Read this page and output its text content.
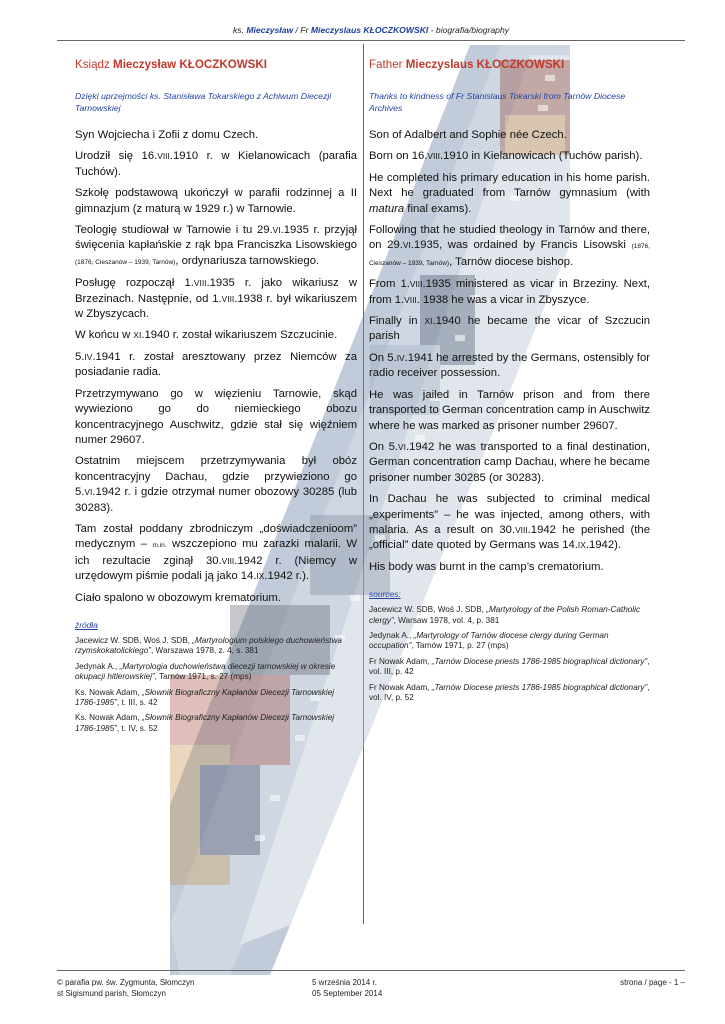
ks. Mieczysław / Fr Mieczyslaus KŁOCZKOWSKI - biografia/biography
Ksiądz Mieczysław KŁOCZKOWSKI
Dzięki uprzejmości ks. Stanisława Tokarskiego z Achiwum Diecezji Tarnowskiej

Syn Wojciecha i Zofii z domu Czech.

Urodził się 16.VIII.1910 r. w Kielanowicach (parafia Tuchów).

Szkołę podstawową ukończył w parafii rodzinnej a II gimnazjum (z maturą w 1929 r.) w Tarnowie.

Teologię studiował w Tarnowie i tu 29.VI.1935 r. przyjął święcenia kapłańskie z rąk bpa Franciszka Lisowskiego (1876, Cieszanów – 1939, Tarnów), ordynariusza tarnowskiego.

Posługę rozpoczął 1.VIII.1935 r. jako wikariusz w Brzezinach. Następnie, od 1.VIII.1938 r. był wikariuszem w Zbyszycach.

W końcu w XI.1940 r. został wikariuszem Szczucinie.

5.IV.1941 r. został aresztowany przez Niemców za posiadanie radia.

Przetrzymywano go w więzieniu Tarnowie, skąd wywieziono go do niemieckiego obozu koncentracyjnego Auschwitz, gdzie stał się więźniem numer 29607.

Ostatnim miejscem przetrzymywania był obóz koncentracyjny Dachau, gdzie przywieziono go 5.VI.1942 r. i gdzie otrzymał numer obozowy 30285 (lub 30283).

Tam został poddany zbrodniczym „doświadczenioom” medycznym – m.in. wszczepiono mu zarazki malarii. W ich rezultacie zginął 30.VIII.1942 r. (Niemcy w urzędowym piśmie podali ją jako 14.IX.1942 r.).

Ciało spalono w obozowym krematorium.

źródła

Jacewicz W. SDB, Woś J. SDB, „Martyrologium polskiego duchowieństwa rzymskokatolickiego”, Warszawa 1978, z. 4, s. 381

Jedynak A., „Martyrologia duchowieństwa diecezji tarnowskiej w okresie okupacji hitlerowskiej”, Tarnów 1971, s. 27 (mps)

Ks. Nowak Adam, „Słownik Biograficzny Kapłanów Diecezji Tarnowskiej 1786-1985”, t. III, s. 42

Ks. Nowak Adam, „Słownik Biograficzny Kapłanów Diecezji Tarnowskiej 1786-1985”, t. IV, s. 52

Father Mieczyslaus KŁOCZKOWSKI
Thanks to kindness of Fr Stanislaus Tokarski from Tarnów Diocese Archives

Son of Adalbert and Sophie née Czech.

Born on 16.VIII.1910 in Kielanowicach (Tuchów parish).

He completed his primary education in his home parish. Next he graduated from Tarnów gymnasium (with matura final exams).

Following that he studied theology in Tarnów and there, on 29.VI.1935, was ordained by Francis Lisowski (1876, Cieszanów – 1939, Tarnów), Tarnów diocese bishop.

From 1.VIII.1935 ministered as vicar in Brzeziny. Next, from 1.VIII. 1938 he was a vicar in Zbyszyce.

Finally in XI.1940 he became the vicar of Szczucin parish

On 5.IV.1941 he arrested by the Germans, ostensibly for radio receiver possession.

He was jailed in Tarnów prison and from there transported to German concentration camp in Auschwitz where he was marked as prisoner number 29607.

On 5.VI.1942 he was transported to a final destination, German concentration camp Dachau, where he became prisoner number 30285 (or 30283).

In Dachau he was subjected to criminal medical „experiments” – he was injected, among others, with malaria. As a result on 30.VIII.1942 he perished (the „official” date quoted by Germans was 14.IX.1942).

His body was burnt in the camp’s crematorium.

sources:

Jacewicz W. SDB, Woś J. SDB, „Martyrology of the Polish Roman-Catholic clergy”, Warsaw 1978, vol. 4, p. 381

Jedynak A., „Martyrology of Tarnów diocese clergy during German occupation”, Tarnów 1971, p. 27 (mps)

Fr Nowak Adam, „Tarnów Diocese priests 1786-1985 biographical dictionary”, vol. III, p. 42

Fr Nowak Adam, „Tarnów Diocese priests 1786-1985 biographical dictionary”, vol. IV, p. 52

© parafia pw. św. Zygmunta, Słomczyn
st Sigismund parish, Słomczyn
5 września 2014 r.
05 September 2014
strona / page - 1 –
